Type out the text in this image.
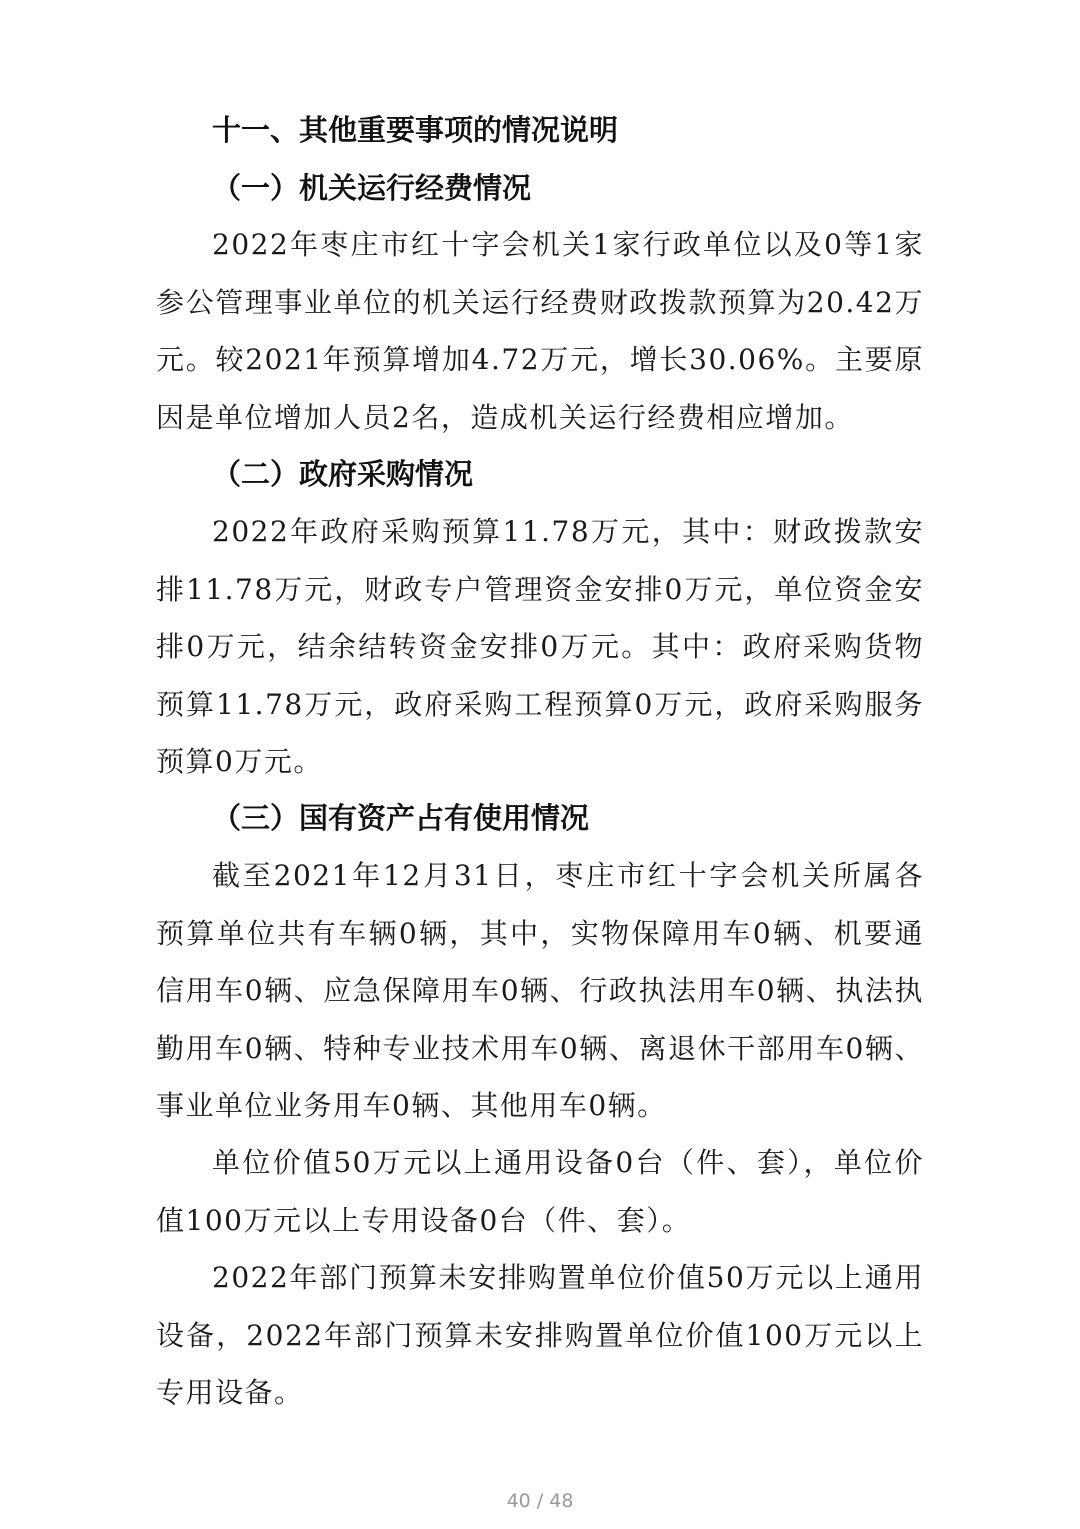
十一、其他重要事项的情况说明
（一）机关运行经费情况

2022年枣庄市红十字会机关1家行政单位以及0等1家参公管理事业单位的机关运行经费财政拨款预算为20.42万元。较2021年预算增加4.72万元，增长30.06%。主要原因是单位增加人员2名，造成机关运行经费相应增加。

（二）政府采购情况

2022年政府采购预算11.78万元，其中：财政拨款安排11.78万元，财政专户管理资金安排0万元，单位资金安排0万元，结余结转资金安排0万元。其中：政府采购货物预算11.78万元，政府采购工程预算0万元，政府采购服务预算0万元。

（三）国有资产占有使用情况

截至2021年12月31日，枣庄市红十字会机关所属各预算单位共有车辆0辆，其中，实物保障用车0辆、机要通信用车0辆、应急保障用车0辆、行政执法用车0辆、执法执勤用车0辆、特种专业技术用车0辆、离退休干部用车0辆、事业单位业务用车0辆、其他用车0辆。

单位价值50万元以上通用设备0台（件、套），单位价值100万元以上专用设备0台（件、套）。

2022年部门预算未安排购置单位价值50万元以上通用设备，2022年部门预算未安排购置单位价值100万元以上专用设备。

40 / 48
